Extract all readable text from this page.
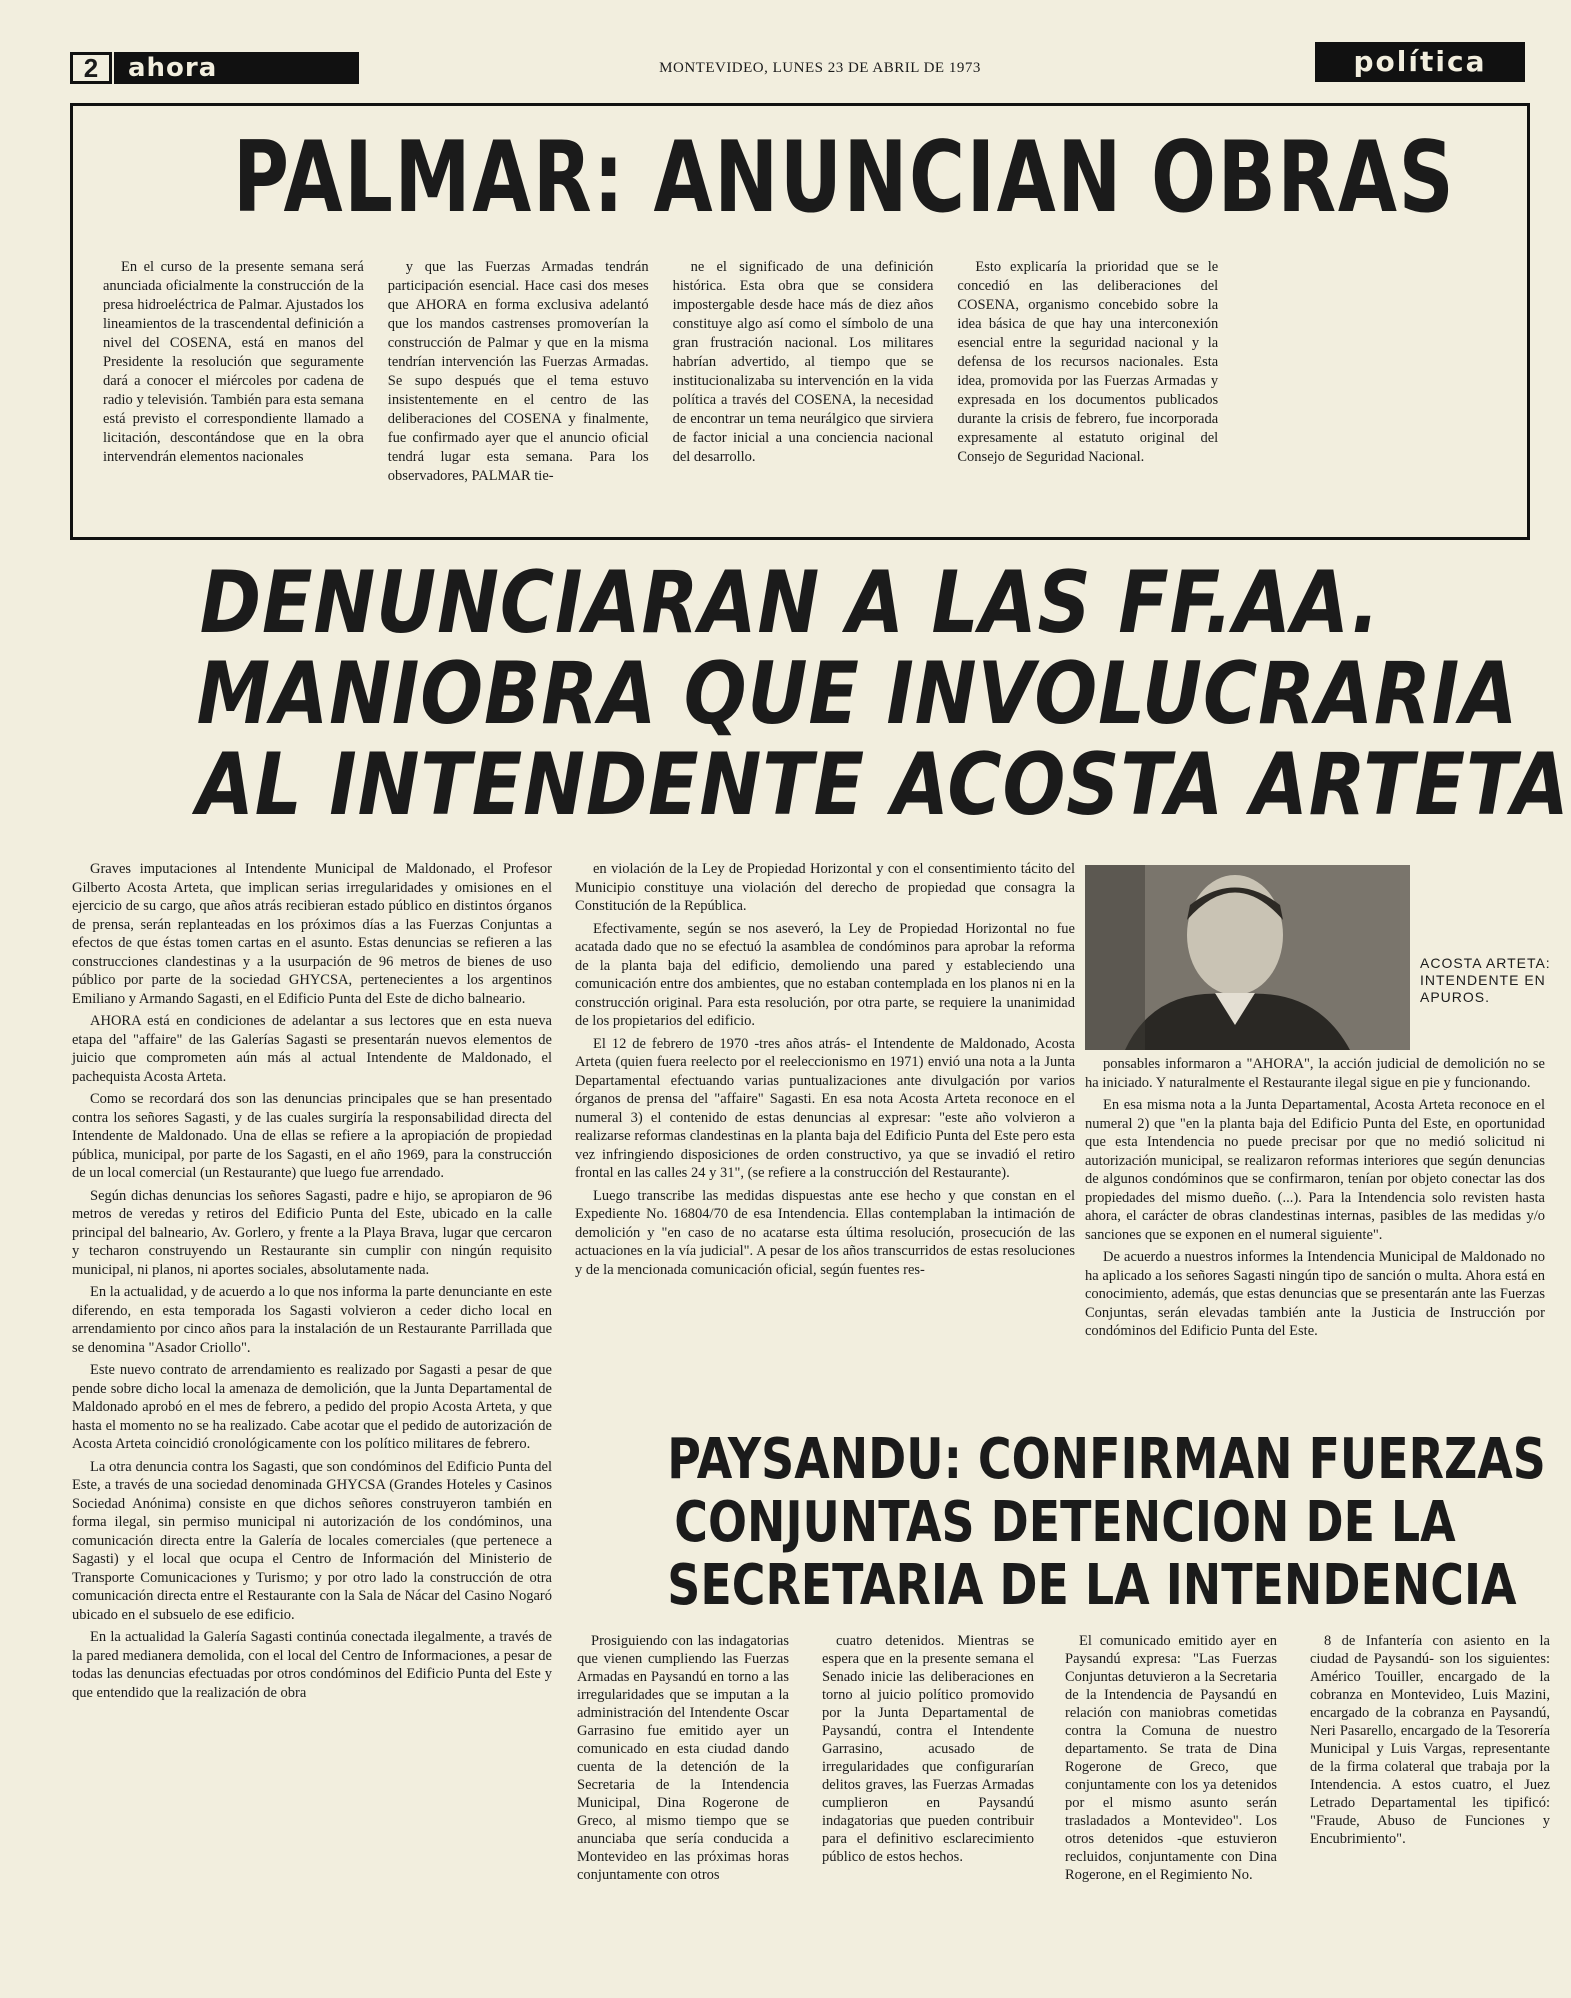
2	ahora	MONTEVIDEO, LUNES 23 DE ABRIL DE 1973	política
PALMAR: ANUNCIAN OBRAS

En el curso de la presente semana será anunciada oficialmente la construcción de la presa hidroeléctrica de Palmar. Ajustados los lineamientos de la trascendental definición a nivel del COSENA, está en manos del Presidente la resolución que seguramente dará a conocer el miércoles por cadena de radio y televisión. También para esta semana está previsto el correspondiente llamado a licitación, descontándose que en la obra intervendrán elementos nacionales

y que las Fuerzas Armadas tendrán participación esencial. Hace casi dos meses que AHORA en forma exclusiva adelantó que los mandos castrenses promoverían la construcción de Palmar y que en la misma tendrían intervención las Fuerzas Armadas. Se supo después que el tema estuvo insistentemente en el centro de las deliberaciones del COSENA y finalmente, fue confirmado ayer que el anuncio oficial tendrá lugar esta semana. Para los observadores, PALMAR tie-

ne el significado de una definición histórica. Esta obra que se considera impostergable desde hace más de diez años constituye algo así como el símbolo de una gran frustración nacional. Los militares habrían advertido, al tiempo que se institucionalizaba su intervención en la vida política a través del COSENA, la necesidad de encontrar un tema neurálgico que sirviera de factor inicial a una conciencia nacional del desarrollo.

Esto explicaría la prioridad que se le concedió en las deliberaciones del COSENA, organismo concebido sobre la idea básica de que hay una interconexión esencial entre la seguridad nacional y la defensa de los recursos nacionales. Esta idea, promovida por las Fuerzas Armadas y expresada en los documentos publicados durante la crisis de febrero, fue incorporada expresamente al estatuto original del Consejo de Seguridad Nacional.

DENUNCIARAN A LAS FF.AA.
MANIOBRA QUE INVOLUCRARIA
AL INTENDENTE ACOSTA ARTETA

Graves imputaciones al Intendente Municipal de Maldonado, el Profesor Gilberto Acosta Arteta, que implican serias irregularidades y omisiones en el ejercicio de su cargo, que años atrás recibieran estado público en distintos órganos de prensa, serán replanteadas en los próximos días a las Fuerzas Conjuntas a efectos de que éstas tomen cartas en el asunto. Estas denuncias se refieren a las construcciones clandestinas y a la usurpación de 96 metros de bienes de uso público por parte de la sociedad GHYCSA, pertenecientes a los argentinos Emiliano y Armando Sagasti, en el Edificio Punta del Este de dicho balneario.

AHORA está en condiciones de adelantar a sus lectores que en esta nueva etapa del "affaire" de las Galerías Sagasti se presentarán nuevos elementos de juicio que comprometen aún más al actual Intendente de Maldonado, el pachequista Acosta Arteta.

Como se recordará dos son las denuncias principales que se han presentado contra los señores Sagasti, y de las cuales surgiría la responsabilidad directa del Intendente de Maldonado. Una de ellas se refiere a la apropiación de propiedad pública, municipal, por parte de los Sagasti, en el año 1969, para la construcción de un local comercial (un Restaurante) que luego fue arrendado.

Según dichas denuncias los señores Sagasti, padre e hijo, se apropiaron de 96 metros de veredas y retiros del Edificio Punta del Este, ubicado en la calle principal del balneario, Av. Gorlero, y frente a la Playa Brava, lugar que cercaron y techaron construyendo un Restaurante sin cumplir con ningún requisito municipal, ni planos, ni aportes sociales, absolutamente nada.

En la actualidad, y de acuerdo a lo que nos informa la parte denunciante en este diferendo, en esta temporada los Sagasti volvieron a ceder dicho local en arrendamiento por cinco años para la instalación de un Restaurante Parrillada que se denomina "Asador Criollo".

Este nuevo contrato de arrendamiento es realizado por Sagasti a pesar de que pende sobre dicho local la amenaza de demolición, que la Junta Departamental de Maldonado aprobó en el mes de febrero, a pedido del propio Acosta Arteta, y que hasta el momento no se ha realizado. Cabe acotar que el pedido de autorización de Acosta Arteta coincidió cronológicamente con los político militares de febrero.

La otra denuncia contra los Sagasti, que son condóminos del Edificio Punta del Este, a través de una sociedad denominada GHYCSA (Grandes Hoteles y Casinos Sociedad Anónima) consiste en que dichos señores construyeron también en forma ilegal, sin permiso municipal ni autorización de los condóminos, una comunicación directa entre la Galería de locales comerciales (que pertenece a Sagasti) y el local que ocupa el Centro de Información del Ministerio de Transporte Comunicaciones y Turismo; y por otro lado la construcción de otra comunicación directa entre el Restaurante con la Sala de Nácar del Casino Nogaró ubicado en el subsuelo de ese edificio.

En la actualidad la Galería Sagasti continúa conectada ilegalmente, a través de la pared medianera demolida, con el local del Centro de Informaciones, a pesar de todas las denuncias efectuadas por otros condóminos del Edificio Punta del Este y que entendido que la realización de obra

en violación de la Ley de Propiedad Horizontal y con el consentimiento tácito del Municipio constituye una violación del derecho de propiedad que consagra la Constitución de la República.

Efectivamente, según se nos aseveró, la Ley de Propiedad Horizontal no fue acatada dado que no se efectuó la asamblea de condóminos para aprobar la reforma de la planta baja del edificio, demoliendo una pared y estableciendo una comunicación entre dos ambientes, que no estaban contemplada en los planos ni en la construcción original. Para esta resolución, por otra parte, se requiere la unanimidad de los propietarios del edificio.

El 12 de febrero de 1970 -tres años atrás- el Intendente de Maldonado, Acosta Arteta (quien fuera reelecto por el reeleccionismo en 1971) envió una nota a la Junta Departamental efectuando varias puntualizaciones ante divulgación por varios órganos de prensa del "affaire" Sagasti. En esa nota Acosta Arteta reconoce en el numeral 3) el contenido de estas denuncias al expresar: "este año volvieron a realizarse reformas clandestinas en la planta baja del Edificio Punta del Este pero esta vez infringiendo disposiciones de orden constructivo, ya que se invadió el retiro frontal en las calles 24 y 31", (se refiere a la construcción del Restaurante).

Luego transcribe las medidas dispuestas ante ese hecho y que constan en el Expediente No. 16804/70 de esa Intendencia. Ellas contemplaban la intimación de demolición y "en caso de no acatarse esta última resolución, prosecución de las actuaciones en la vía judicial". A pesar de los años transcurridos de estas resoluciones y de la mencionada comunicación oficial, según fuentes res-

ACOSTA ARTETA: INTENDENTE EN APUROS.

ponsables informaron a "AHORA", la acción judicial de demolición no se ha iniciado. Y naturalmente el Restaurante ilegal sigue en pie y funcionando.

En esa misma nota a la Junta Departamental, Acosta Arteta reconoce en el numeral 2) que "en la planta baja del Edificio Punta del Este, en oportunidad que esta Intendencia no puede precisar por que no medió solicitud ni autorización municipal, se realizaron reformas interiores que según denuncias de algunos condóminos que se confirmaron, tenían por objeto conectar las dos propiedades del mismo dueño. (...). Para la Intendencia solo revisten hasta ahora, el carácter de obras clandestinas internas, pasibles de las medidas y/o sanciones que se exponen en el numeral siguiente".

De acuerdo a nuestros informes la Intendencia Municipal de Maldonado no ha aplicado a los señores Sagasti ningún tipo de sanción o multa. Ahora está en conocimiento, además, que estas denuncias que se presentarán ante las Fuerzas Conjuntas, serán elevadas también ante la Justicia de Instrucción por condóminos del Edificio Punta del Este.

PAYSANDU: CONFIRMAN FUERZAS
CONJUNTAS DETENCION DE LA
SECRETARIA DE LA INTENDENCIA

Prosiguiendo con las indagatorias que vienen cumpliendo las Fuerzas Armadas en Paysandú en torno a las irregularidades que se imputan a la administración del Intendente Oscar Garrasino fue emitido ayer un comunicado en esta ciudad dando cuenta de la detención de la Secretaria de la Intendencia Municipal, Dina Rogerone de Greco, al mismo tiempo que se anunciaba que sería conducida a Montevideo en las próximas horas conjuntamente con otros

cuatro detenidos. Mientras se espera que en la presente semana el Senado inicie las deliberaciones en torno al juicio político promovido por la Junta Departamental de Paysandú, contra el Intendente Garrasino, acusado de irregularidades que configurarían delitos graves, las Fuerzas Armadas cumplieron en Paysandú indagatorias que pueden contribuir para el definitivo esclarecimiento público de estos hechos.

El comunicado emitido ayer en Paysandú expresa: "Las Fuerzas Conjuntas detuvieron a la Secretaria de la Intendencia de Paysandú en relación con maniobras cometidas contra la Comuna de nuestro departamento. Se trata de Dina Rogerone de Greco, que conjuntamente con los ya detenidos por el mismo asunto serán trasladados a Montevideo". Los otros detenidos -que estuvieron recluidos, conjuntamente con Dina Rogerone, en el Regimiento No.

8 de Infantería con asiento en la ciudad de Paysandú- son los siguientes: Américo Touiller, encargado de la cobranza en Montevideo, Luis Mazini, encargado de la cobranza en Paysandú, Neri Pasarello, encargado de la Tesorería Municipal y Luis Vargas, representante de la firma colateral que trabaja por la Intendencia. A estos cuatro, el Juez Letrado Departamental les tipificó: "Fraude, Abuso de Funciones y Encubrimiento".
